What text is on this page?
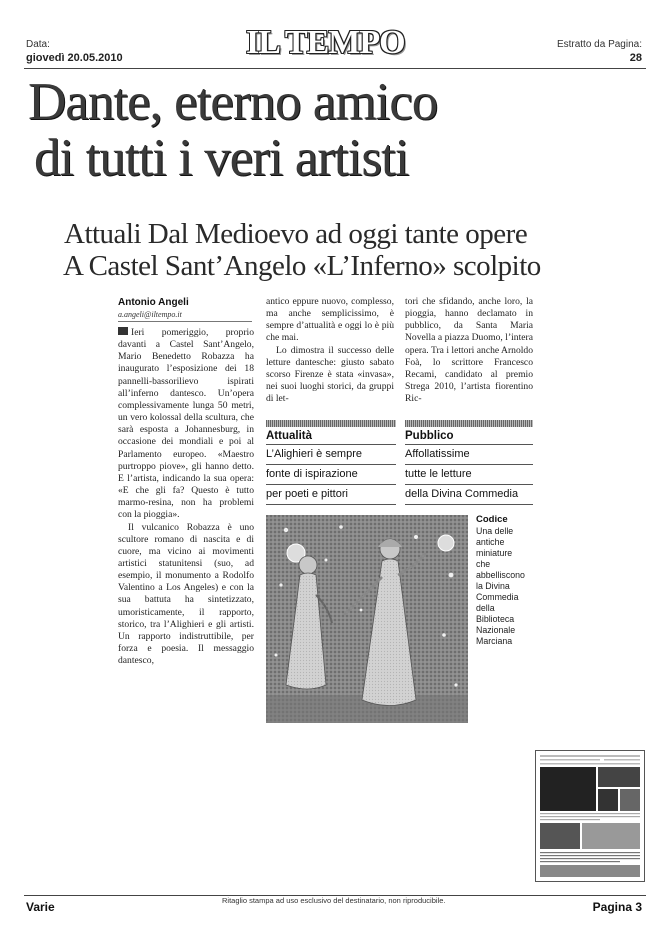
Data:
giovedì 20.05.2010	IL TEMPO	Estratto da Pagina:
28
Dante, eterno amico
di tutti i veri artisti
Attuali Dal Medioevo ad oggi tante opere
A Castel Sant’Angelo «L’Inferno» scolpito
Antonio Angeli
a.angeli@iltempo.it

Ieri pomeriggio, proprio davanti a Castel Sant’Angelo, Mario Benedetto Robazza ha inaugurato l’esposizione dei 18 pannelli-bassorilievo ispirati all’inferno dantesco. Un’opera complessivamente lunga 50 metri, un vero kolossal della scultura, che sarà esposta a Johannesburg, in occasione dei mondiali e poi al Parlamento europeo. «Maestro purtroppo piove», gli hanno detto. E l’artista, indicando la sua opera: «E che gli fa? Questo è tutto marmo-resina, non ha problemi con la pioggia».

Il vulcanico Robazza è uno scultore romano di nascita e di cuore, ma vicino ai movimenti artistici statunitensi (suo, ad esempio, il monumento a Rodolfo Valentino a Los Angeles) e con la sua battuta ha sintetizzato, umoristicamente, il rapporto, storico, tra l’Alighieri e gli artisti. Un rapporto indistruttibile, per forza e poesia. Il messaggio dantesco,

antico eppure nuovo, complesso, ma anche semplicissimo, è sempre d’attualità e oggi lo è più che mai.

Lo dimostra il successo delle letture dantesche: giusto sabato scorso Firenze è stata «invasa», nei suoi luoghi storici, da gruppi di let-

tori che sfidando, anche loro, la pioggia, hanno declamato in pubblico, da Santa Maria Novella a piazza Duomo, l’intera opera. Tra i lettori anche Arnoldo Foà, lo scrittore Francesco Recami, candidato al premio Strega 2010, l’artista fiorentino Ric-

Attualità
L’Alighieri è sempre
fonte di ispirazione
per poeti e pittori
Pubblico
Affollatissime
tutte le letture
della Divina Commedia
Codice
Una delle
antiche
miniature
che
abbelliscono
la Divina
Commedia
della
Biblioteca
Nazionale
Marciana
Varie	Ritaglio stampa ad uso esclusivo del destinatario, non riproducibile.	Pagina 3
